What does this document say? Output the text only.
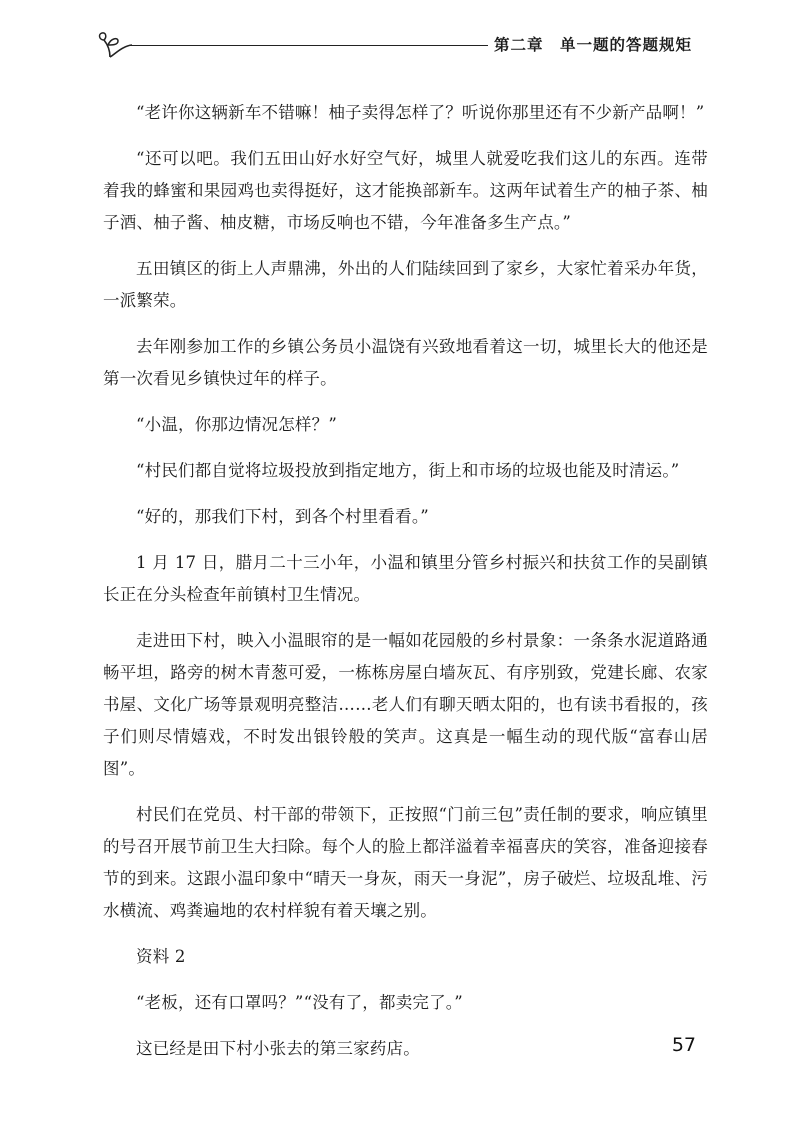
第二章　单一题的答题规矩

“老许你这辆新车不错嘛！柚子卖得怎样了？听说你那里还有不少新产品啊！”

“还可以吧。我们五田山好水好空气好，城里人就爱吃我们这儿的东西。连带着我的蜂蜜和果园鸡也卖得挺好，这才能换部新车。这两年试着生产的柚子茶、柚子酒、柚子酱、柚皮糖，市场反响也不错，今年准备多生产点。”

五田镇区的街上人声鼎沸，外出的人们陆续回到了家乡，大家忙着采办年货，一派繁荣。

去年刚参加工作的乡镇公务员小温饶有兴致地看着这一切，城里长大的他还是第一次看见乡镇快过年的样子。

“小温，你那边情况怎样？”

“村民们都自觉将垃圾投放到指定地方，街上和市场的垃圾也能及时清运。”

“好的，那我们下村，到各个村里看看。”

1 月 17 日，腊月二十三小年，小温和镇里分管乡村振兴和扶贫工作的吴副镇长正在分头检查年前镇村卫生情况。

走进田下村，映入小温眼帘的是一幅如花园般的乡村景象：一条条水泥道路通畅平坦，路旁的树木青葱可爱，一栋栋房屋白墙灰瓦、有序别致，党建长廊、农家书屋、文化广场等景观明亮整洁……老人们有聊天晒太阳的，也有读书看报的，孩子们则尽情嬉戏，不时发出银铃般的笑声。这真是一幅生动的现代版“富春山居图”。

村民们在党员、村干部的带领下，正按照“门前三包”责任制的要求，响应镇里的号召开展节前卫生大扫除。每个人的脸上都洋溢着幸福喜庆的笑容，准备迎接春节的到来。这跟小温印象中“晴天一身灰，雨天一身泥”，房子破烂、垃圾乱堆、污水横流、鸡粪遍地的农村样貌有着天壤之别。

资料 2

“老板，还有口罩吗？”“没有了，都卖完了。”

这已经是田下村小张去的第三家药店。	57
